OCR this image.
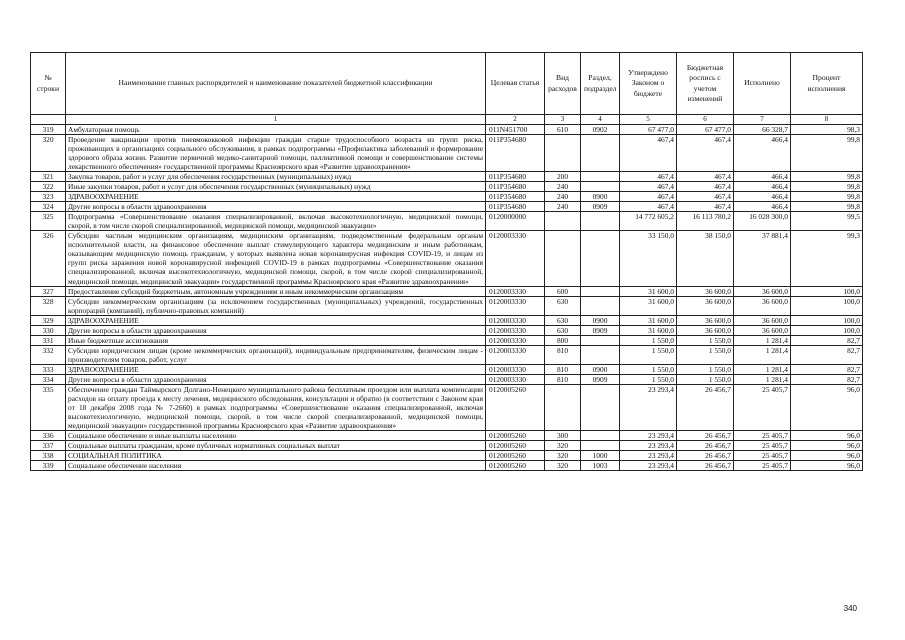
№ строки	Наименование главных распорядителей и наименование показателей бюджетной классификации	Целевая статья	Вид расходов	Раздел, подраздел	Утверждено Законом о бюджете	Бюджетная роспись с учетом изменений	Исполнено	Процент исполнения
	1	2	3	4	5	6	7	8
319	Амбулаторная помощь	011N451700	610	0902	67 477,0	67 477,0	66 328,7	98,3
320	Проведение вакцинации против пневмококковой инфекции граждан старше трудоспособного возраста из групп риска, проживающих в организациях социального обслуживания, в рамках подпрограммы «Профилактика заболеваний и формирование здорового образа жизни. Развитие первичной медико-санитарной помощи, паллиативной помощи и совершенствование системы лекарственного обеспечения» государственной программы Красноярского края «Развитие здравоохранения»	011P354680			467,4	467,4	466,4	99,8
321	Закупка товаров, работ и услуг для обеспечения государственных (муниципальных) нужд	011P354680	200		467,4	467,4	466,4	99,8
322	Иные закупки товаров, работ и услуг для обеспечения государственных (муниципальных) нужд	011P354680	240		467,4	467,4	466,4	99,8
323	ЗДРАВООХРАНЕНИЕ	011P354680	240	0900	467,4	467,4	466,4	99,8
324	Другие вопросы в области здравоохранения	011P354680	240	0909	467,4	467,4	466,4	99,8
325	Подпрограмма «Совершенствование оказания специализированной, включая высокотехнологичную, медицинской помощи, скорой, в том числе скорой специализированной, медицинской помощи, медицинской эвакуации»	0120000000			14 772 605,2	16 113 780,2	16 028 300,0	99,5
326	Субсидии частным медицинским организациям, медицинским организациям, подведомственным федеральным органам исполнительной власти, на финансовое обеспечение выплат стимулирующего характера медицинским и иным работникам, оказывающим медицинскую помощь гражданам, у которых выявлена новая коронавирусная инфекция COVID-19, и лицам из групп риска заражения новой коронавирусной инфекцией COVID-19 в рамках подпрограммы «Совершенствование оказания специализированной, включая высокотехнологичную, медицинской помощи, скорой, в том числе скорой специализированной, медицинской помощи, медицинской эвакуации» государственной программы Красноярского края «Развитие здравоохранения»	0120003330			33 150,0	38 150,0	37 881,4	99,3
327	Предоставление субсидий бюджетным, автономным учреждениям и иным некоммерческим организациям	0120003330	600		31 600,0	36 600,0	36 600,0	100,0
328	Субсидии некоммерческим организациям (за исключением государственных (муниципальных) учреждений, государственных корпораций (компаний), публично-правовых компаний)	0120003330	630		31 600,0	36 600,0	36 600,0	100,0
329	ЗДРАВООХРАНЕНИЕ	0120003330	630	0900	31 600,0	36 600,0	36 600,0	100,0
330	Другие вопросы в области здравоохранения	0120003330	630	0909	31 600,0	36 600,0	36 600,0	100,0
331	Иные бюджетные ассигнования	0120003330	800		1 550,0	1 550,0	1 281,4	82,7
332	Субсидии юридическим лицам (кроме некоммерческих организаций), индивидуальным предпринимателям, физическим лицам - производителям товаров, работ, услуг	0120003330	810		1 550,0	1 550,0	1 281,4	82,7
333	ЗДРАВООХРАНЕНИЕ	0120003330	810	0900	1 550,0	1 550,0	1 281,4	82,7
334	Другие вопросы в области здравоохранения	0120003330	810	0909	1 550,0	1 550,0	1 281,4	82,7
335	Обеспечение граждан Таймырского Долгано-Ненецкого муниципального района бесплатным проездом или выплата компенсации расходов на оплату проезда к месту лечения, медицинского обследования, консультации и обратно (в соответствии с Законом края от 18 декабря 2008 года № 7-2660) в рамках подпрограммы «Совершенствование оказания специализированной, включая высокотехнологичную, медицинской помощи, скорой, в том числе скорой специализированной, медицинской помощи, медицинской эвакуации» государственной программы Красноярского края «Развитие здравоохранения»	0120005260			23 293,4	26 456,7	25 405,7	96,0
336	Социальное обеспечение и иные выплаты населению	0120005260	300		23 293,4	26 456,7	25 405,7	96,0
337	Социальные выплаты гражданам, кроме публичных нормативных социальных выплат	0120005260	320		23 293,4	26 456,7	25 405,7	96,0
338	СОЦИАЛЬНАЯ ПОЛИТИКА	0120005260	320	1000	23 293,4	26 456,7	25 405,7	96,0
339	Социальное обеспечение населения	0120005260	320	1003	23 293,4	26 456,7	25 405,7	96,0
340
